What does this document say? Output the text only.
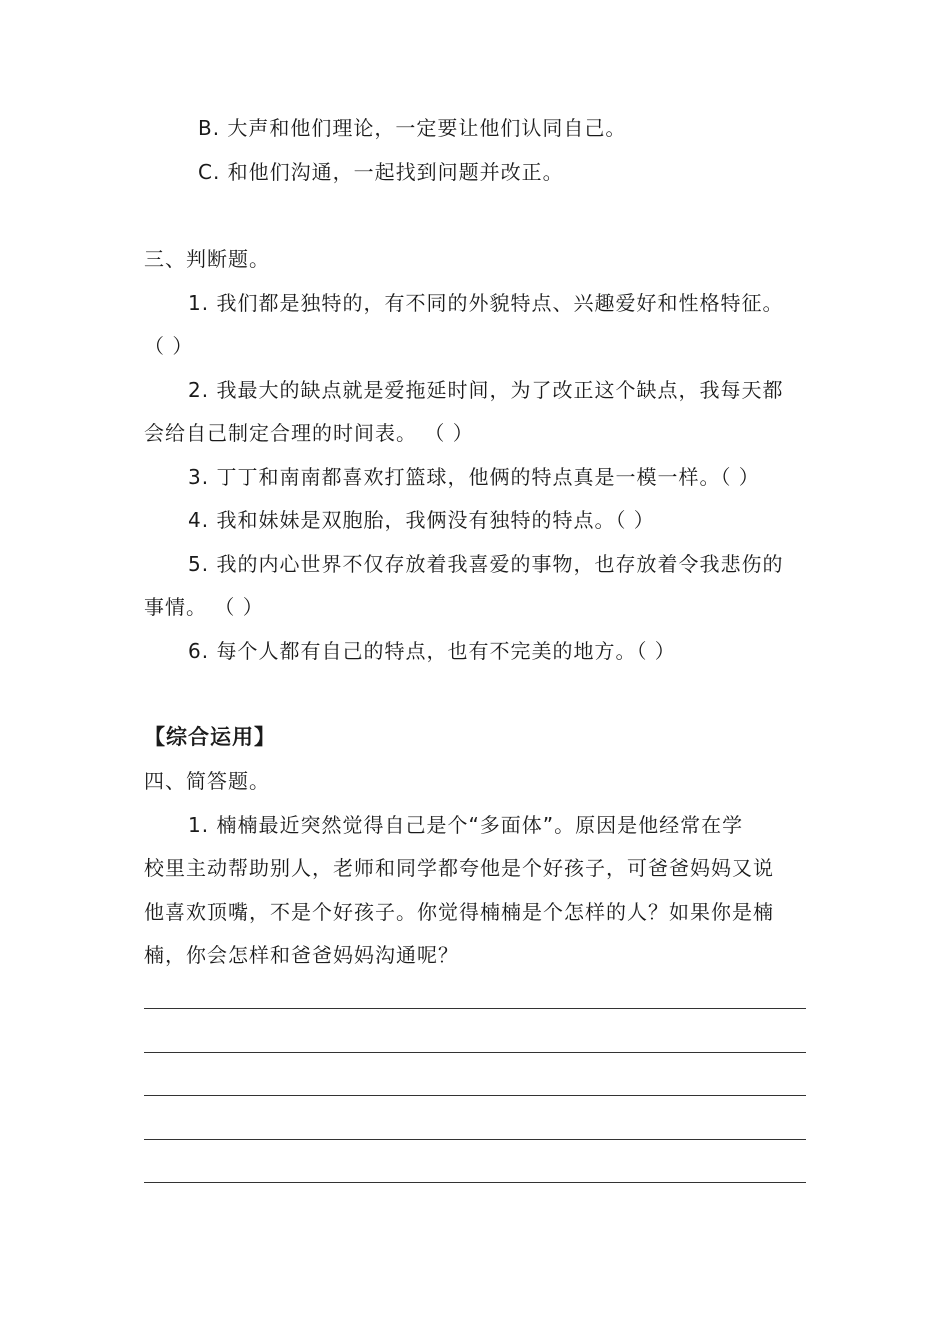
B. 大声和他们理论，一定要让他们认同自己。
C. 和他们沟通，一起找到问题并改正。
三、判断题。
1. 我们都是独特的，有不同的外貌特点、兴趣爱好和性格特征。
（ ）
2. 我最大的缺点就是爱拖延时间，为了改正这个缺点，我每天都
会给自己制定合理的时间表。 （ ）
3. 丁丁和南南都喜欢打篮球，他俩的特点真是一模一样。（ ）
4. 我和妹妹是双胞胎，我俩没有独特的特点。（ ）
5. 我的内心世界不仅存放着我喜爱的事物，也存放着令我悲伤的
事情。 （ ）
6. 每个人都有自己的特点，也有不完美的地方。（ ）
【综合运用】
四、简答题。
1. 楠楠最近突然觉得自己是个“多面体”。原因是他经常在学
校里主动帮助别人，老师和同学都夸他是个好孩子，可爸爸妈妈又说
他喜欢顶嘴，不是个好孩子。你觉得楠楠是个怎样的人？如果你是楠
楠，你会怎样和爸爸妈妈沟通呢？
